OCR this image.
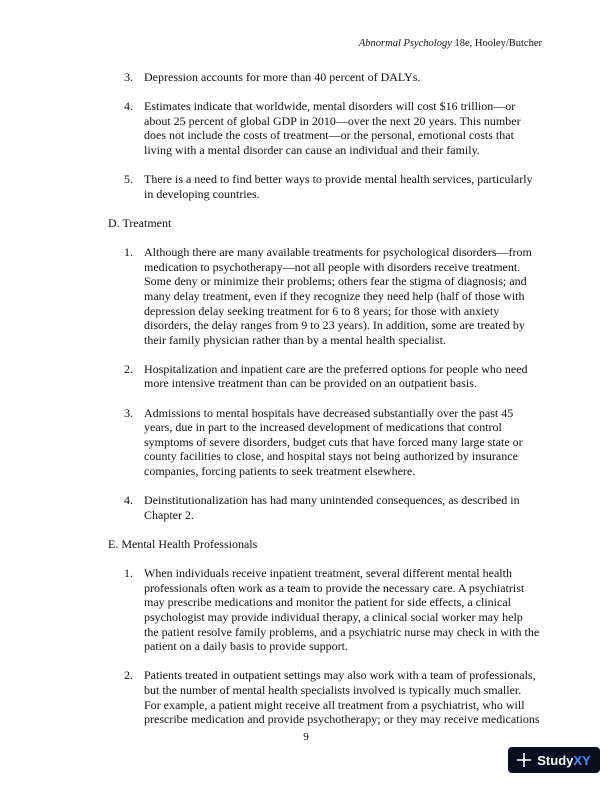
Abnormal Psychology 18e, Hooley/Butcher
3. Depression accounts for more than 40 percent of DALYs.
4. Estimates indicate that worldwide, mental disorders will cost $16 trillion—or about 25 percent of global GDP in 2010—over the next 20 years. This number does not include the costs of treatment—or the personal, emotional costs that living with a mental disorder can cause an individual and their family.
5. There is a need to find better ways to provide mental health services, particularly in developing countries.
D. Treatment
1. Although there are many available treatments for psychological disorders—from medication to psychotherapy—not all people with disorders receive treatment. Some deny or minimize their problems; others fear the stigma of diagnosis; and many delay treatment, even if they recognize they need help (half of those with depression delay seeking treatment for 6 to 8 years; for those with anxiety disorders, the delay ranges from 9 to 23 years). In addition, some are treated by their family physician rather than by a mental health specialist.
2. Hospitalization and inpatient care are the preferred options for people who need more intensive treatment than can be provided on an outpatient basis.
3. Admissions to mental hospitals have decreased substantially over the past 45 years, due in part to the increased development of medications that control symptoms of severe disorders, budget cuts that have forced many large state or county facilities to close, and hospital stays not being authorized by insurance companies, forcing patients to seek treatment elsewhere.
4. Deinstitutionalization has had many unintended consequences, as described in Chapter 2.
E. Mental Health Professionals
1. When individuals receive inpatient treatment, several different mental health professionals often work as a team to provide the necessary care. A psychiatrist may prescribe medications and monitor the patient for side effects, a clinical psychologist may provide individual therapy, a clinical social worker may help the patient resolve family problems, and a psychiatric nurse may check in with the patient on a daily basis to provide support.
2. Patients treated in outpatient settings may also work with a team of professionals, but the number of mental health specialists involved is typically much smaller. For example, a patient might receive all treatment from a psychiatrist, who will prescribe medication and provide psychotherapy; or they may receive medications
9
StudyXY
